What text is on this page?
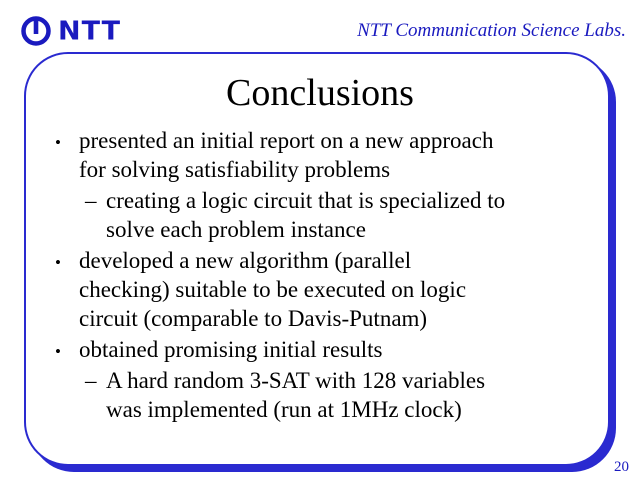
NTT	NTT Communication Science Labs.
Conclusions
• presented an initial report on a new approach
for solving satisfiability problems
– creating a logic circuit that is specialized to
solve each problem instance
• developed a new algorithm (parallel
checking) suitable to be executed on logic
circuit (comparable to Davis-Putnam)
• obtained promising initial results
– A hard random 3-SAT with 128 variables
was implemented (run at 1MHz clock)
20
